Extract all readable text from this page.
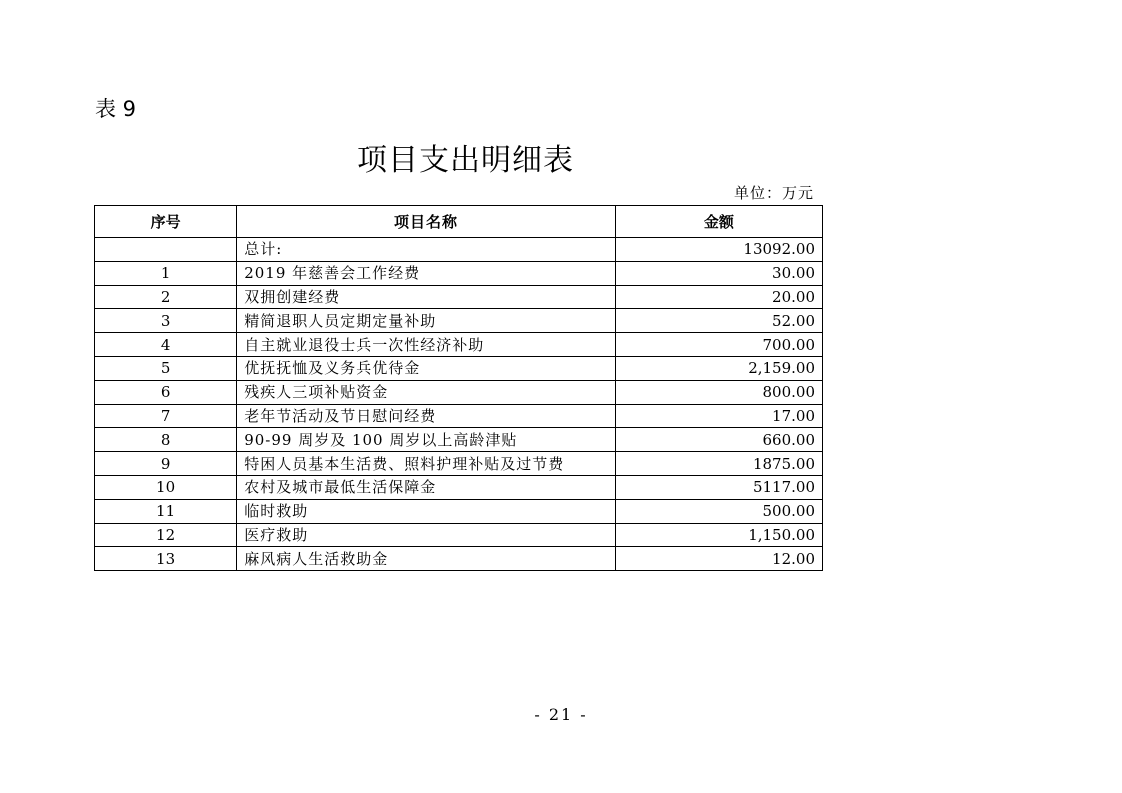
表 9
项目支出明细表
单位：万元
序号	项目名称	金额
	总计:	13092.00
1	2019 年慈善会工作经费	30.00
2	双拥创建经费	20.00
3	精简退职人员定期定量补助	52.00
4	自主就业退役士兵一次性经济补助	700.00
5	优抚抚恤及义务兵优待金	2,159.00
6	残疾人三项补贴资金	800.00
7	老年节活动及节日慰问经费	17.00
8	90-99 周岁及 100 周岁以上高龄津贴	660.00
9	特困人员基本生活费、照料护理补贴及过节费	1875.00
10	农村及城市最低生活保障金	5117.00
11	临时救助	500.00
12	医疗救助	1,150.00
13	麻风病人生活救助金	12.00
- 21 -
